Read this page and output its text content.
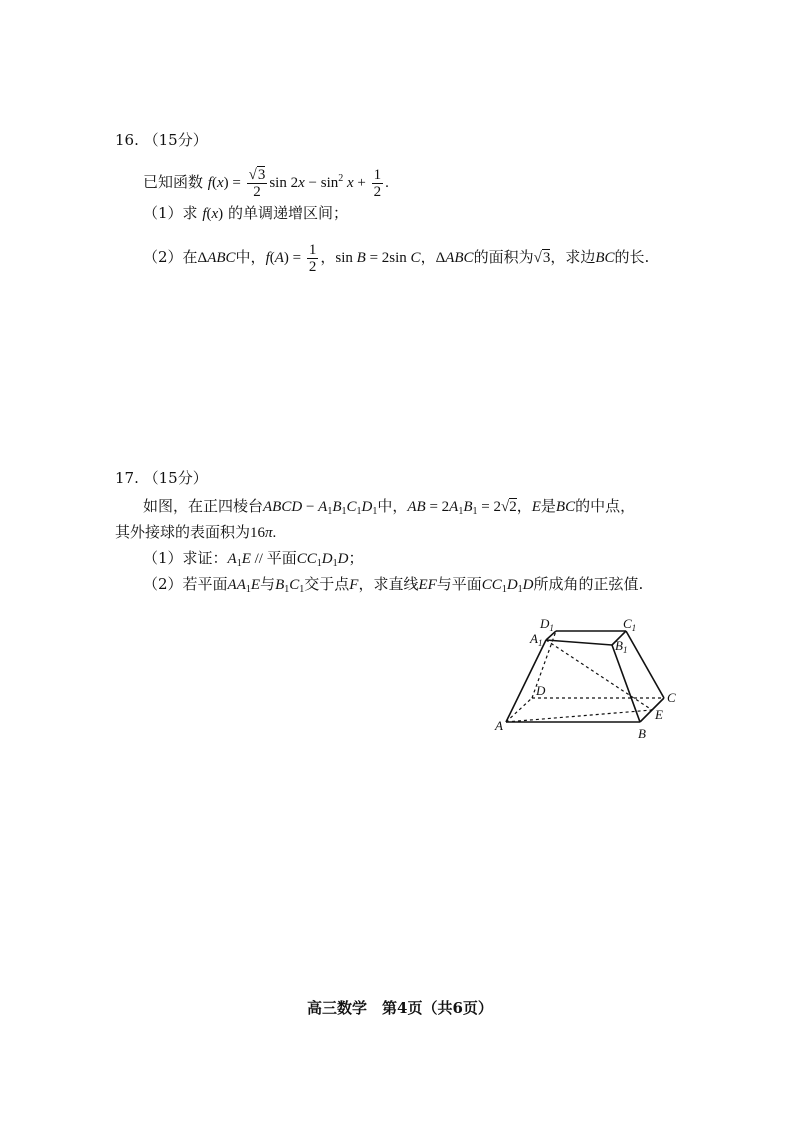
16. （15分）
已知函数 $f(x) = \frac{√3}{2}$ $\sin 2x - \sin^2 x + \frac{1}{2}$ .
（1）求 f(x) 的单调递增区间；
（2）在ΔABC中，$f(A) = \frac{1}{2}$ ，sin B = 2sin C，ΔABC的面积为√3，求边BC的长.
17. （15分）
如图，在正四棱台ABCD − $A_1B_1C_1D_1$中，AB = $2A_1B_1 = 2√2$，E是BC的中点，
其外接球的表面积为16π.
（1）求证：$A_1E$ // 平面$CC_1D_1D$；
（2）若平面$AA_1E$与$B_1C_1$交于点F，求直线EF与平面$CC_1D_1D$所成角的正弦值.
$D_1$	$C_1$
$A_1$	$B_1$
D	C
E
A
B
高三数学　第4页（共6页）
